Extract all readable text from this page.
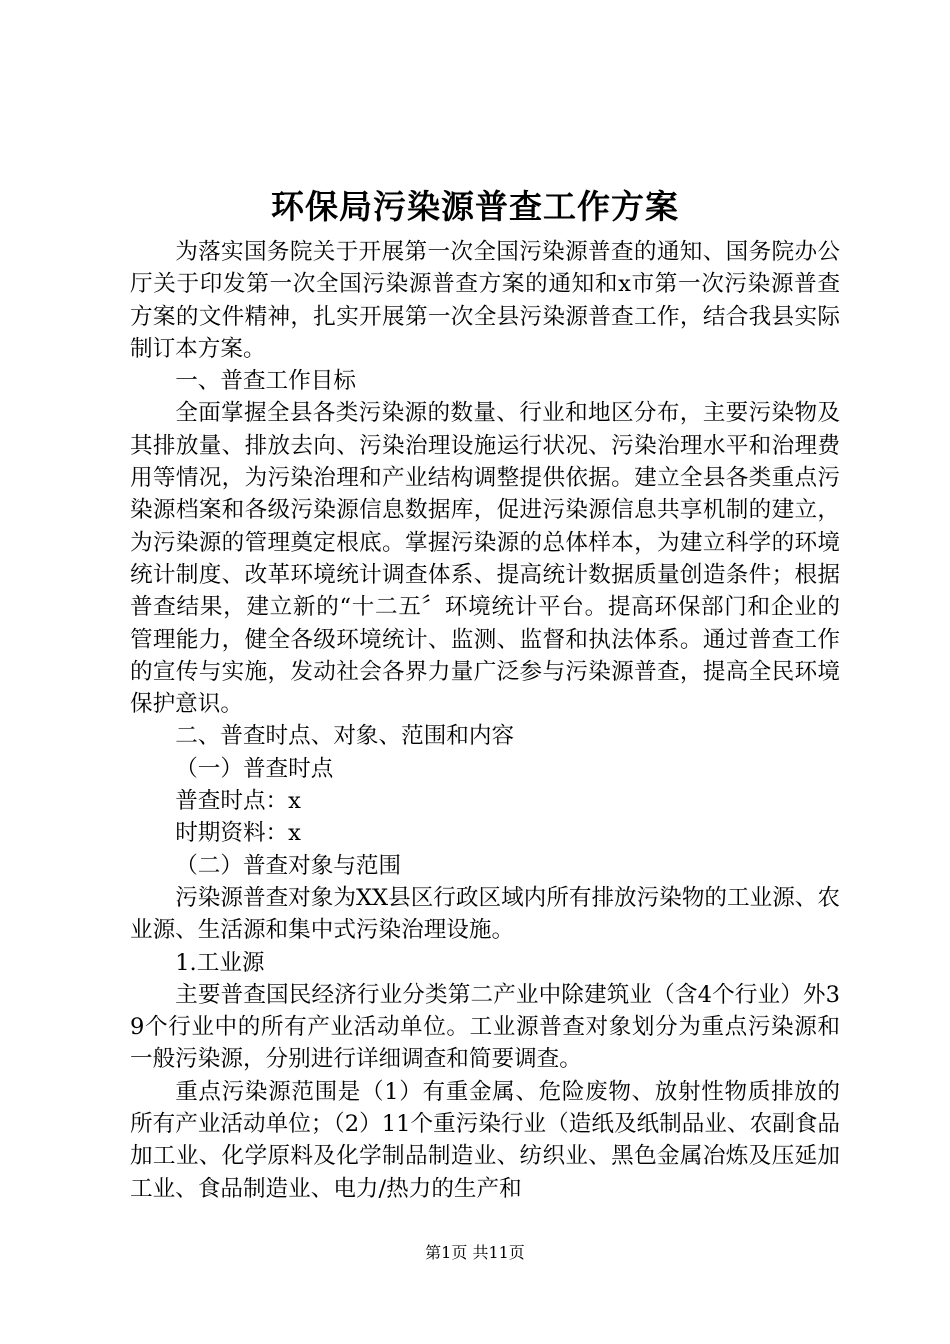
环保局污染源普查工作方案

为落实国务院关于开展第一次全国污染源普查的通知、国务院办公厅关于印发第一次全国污染源普查方案的通知和x市第一次污染源普查方案的文件精神，扎实开展第一次全县污染源普查工作，结合我县实际制订本方案。

一、普查工作目标

全面掌握全县各类污染源的数量、行业和地区分布，主要污染物及其排放量、排放去向、污染治理设施运行状况、污染治理水平和治理费用等情况，为污染治理和产业结构调整提供依据。建立全县各类重点污染源档案和各级污染源信息数据库，促进污染源信息共享机制的建立，为污染源的管理奠定根底。掌握污染源的总体样本，为建立科学的环境统计制度、改革环境统计调查体系、提高统计数据质量创造条件；根据普查结果，建立新的“十二五〞环境统计平台。提高环保部门和企业的管理能力，健全各级环境统计、监测、监督和执法体系。通过普查工作的宣传与实施，发动社会各界力量广泛参与污染源普查，提高全民环境保护意识。

二、普查时点、对象、范围和内容

（一）普查时点

普查时点：x

时期资料：x

（二）普查对象与范围

污染源普查对象为XX县区行政区域内所有排放污染物的工业源、农业源、生活源和集中式污染治理设施。

1.工业源

主要普查国民经济行业分类第二产业中除建筑业（含4个行业）外39个行业中的所有产业活动单位。工业源普查对象划分为重点污染源和一般污染源，分别进行详细调查和简要调查。

重点污染源范围是（1）有重金属、危险废物、放射性物质排放的所有产业活动单位；（2）11个重污染行业（造纸及纸制品业、农副食品加工业、化学原料及化学制品制造业、纺织业、黑色金属冶炼及压延加工业、食品制造业、电力/热力的生产和

第1页 共11页
